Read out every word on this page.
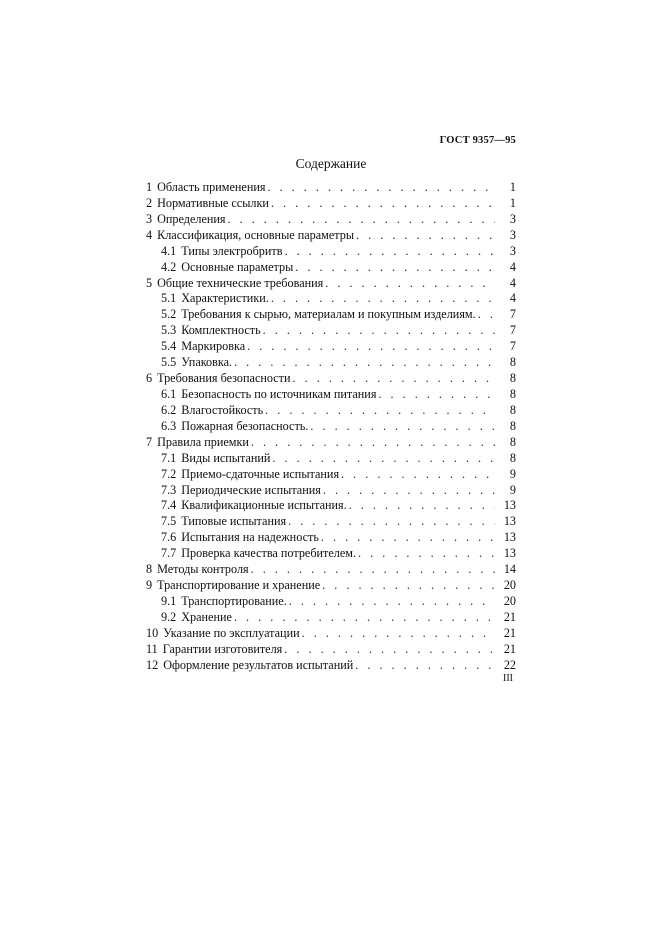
ГОСТ 9357—95
Содержание
1 Область применения . . .	1
2 Нормативные ссылки . . .	1
3 Определения . . .	3
4 Классификация, основные параметры . . .	3
4.1 Типы электробритв . . .	3
4.2 Основные параметры . . .	4
5 Общие технические требования . . .	4
5.1 Характеристики. . . .	4
5.2 Требования к сырью, материалам и покупным изделиям. . . .	7
5.3 Комплектность . . .	7
5.4 Маркировка . . .	7
5.5 Упаковка. . . .	8
6 Требования безопасности . . .	8
6.1 Безопасность по источникам питания . . .	8
6.2 Влагостойкость . . .	8
6.3 Пожарная безопасность. . . .	8
7 Правила приемки . . .	8
7.1 Виды испытаний . . .	8
7.2 Приемо-сдаточные испытания . . .	9
7.3 Периодические испытания . . .	9
7.4 Квалификационные испытания. . . .	13
7.5 Типовые испытания . . .	13
7.6 Испытания на надежность . . .	13
7.7 Проверка качества потребителем. . . .	13
8 Методы контроля . . .	14
9 Транспортирование и хранение . . .	20
9.1 Транспортирование. . . .	20
9.2 Хранение . . .	21
10 Указание по эксплуатации . . .	21
11 Гарантии изготовителя . . .	21
12 Оформление результатов испытаний . . .	22
III
